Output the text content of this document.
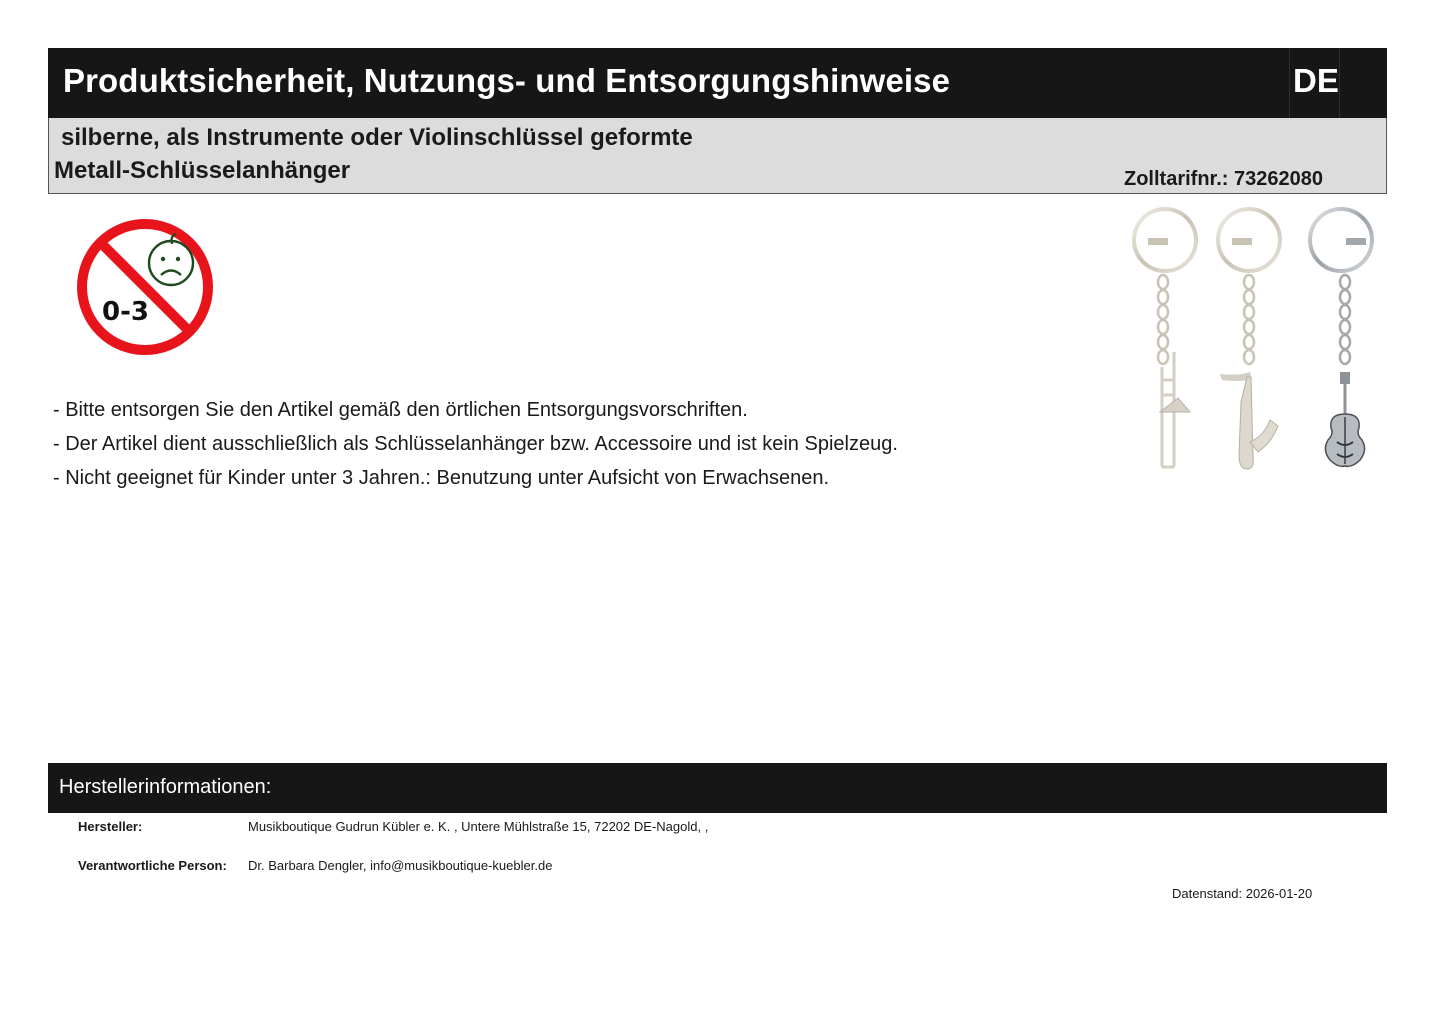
Produktsicherheit, Nutzungs- und Entsorgungshinweise	DE
silberne, als Instrumente oder Violinschlüssel geformte
Metall-Schlüsselanhänger	Zolltarifnr.: 73262080
0-3
- Bitte entsorgen Sie den Artikel gemäß den örtlichen Entsorgungsvorschriften.
- Der Artikel dient ausschließlich als Schlüsselanhänger bzw. Accessoire und ist kein Spielzeug.
- Nicht geeignet für Kinder unter 3 Jahren.: Benutzung unter Aufsicht von Erwachsenen.
Herstellerinformationen:
Hersteller:	Musikboutique Gudrun Kübler e. K. , Untere Mühlstraße 15, 72202 DE-Nagold, ,
Verantwortliche Person: Dr. Barbara Dengler, info@musikboutique-kuebler.de
Datenstand: 2026-01-20
